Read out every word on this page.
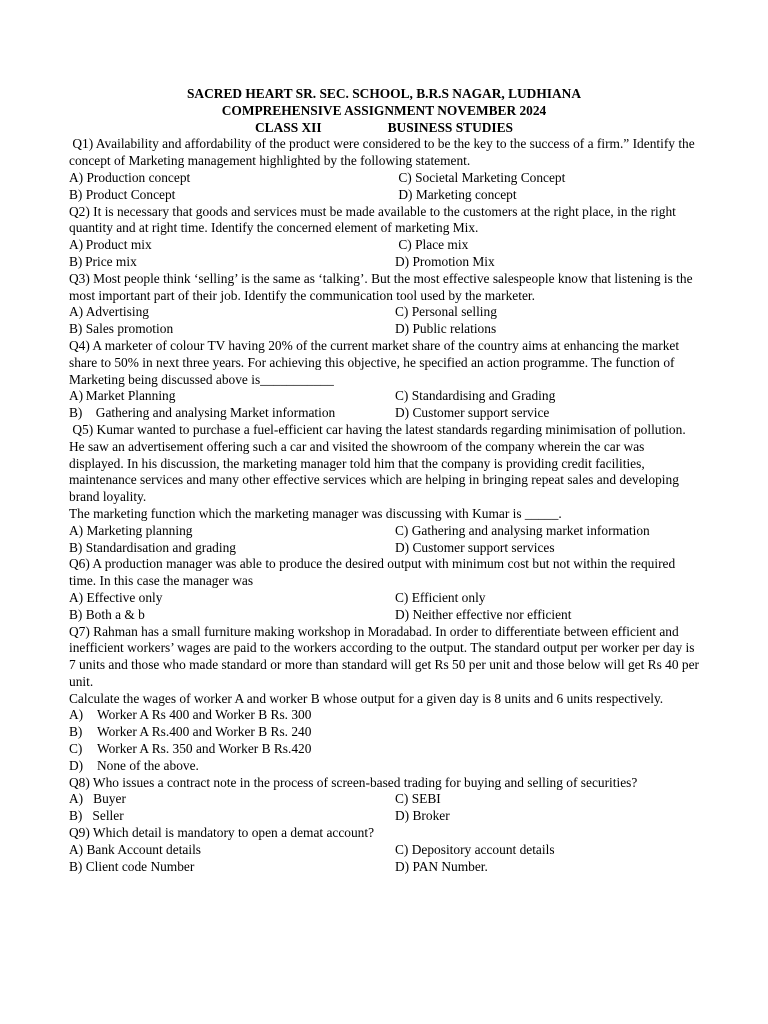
SACRED HEART SR. SEC. SCHOOL, B.R.S NAGAR, LUDHIANA
COMPREHENSIVE ASSIGNMENT NOVEMBER 2024
CLASS XII	BUSINESS STUDIES
Q1) Availability and affordability of the product were considered to be the key to the success of a firm.” Identify the concept of Marketing management highlighted by the following statement.
A) Production concept	C) Societal Marketing Concept
B) Product Concept	D) Marketing concept
Q2) It is necessary that goods and services must be made available to the customers at the right place, in the right quantity and at right time. Identify the concerned element of marketing Mix.
A) Product mix	C) Place mix
B) Price mix	D) Promotion Mix
Q3) Most people think ‘selling’ is the same as ‘talking’. But the most effective salespeople know that listening is the most important part of their job. Identify the communication tool used by the marketer.
A) Advertising	C) Personal selling
B) Sales promotion	D) Public relations
Q4) A marketer of colour TV having 20% of the current market share of the country aims at enhancing the market share to 50% in next three years. For achieving this objective, he specified an action programme. The function of Marketing being discussed above is___________
A) Market Planning	C) Standardising and Grading
B)    Gathering and analysing Market information	D) Customer support service
Q5) Kumar wanted to purchase a fuel-efficient car having the latest standards regarding minimisation of pollution. He saw an advertisement offering such a car and visited the showroom of the company wherein the car was displayed. In his discussion, the marketing manager told him that the company is providing credit facilities, maintenance services and many other effective services which are helping in bringing repeat sales and developing brand loyality.
The marketing function which the marketing manager was discussing with Kumar is _____.
A) Marketing planning	C) Gathering and analysing market information
B) Standardisation and grading	D) Customer support services
Q6) A production manager was able to produce the desired output with minimum cost but not within the required time. In this case the manager was
A) Effective only	C) Efficient only
B) Both a & b	D) Neither effective nor efficient
Q7) Rahman has a small furniture making workshop in Moradabad. In order to differentiate between efficient and inefficient workers’ wages are paid to the workers according to the output. The standard output per worker per day is 7 units and those who made standard or more than standard will get Rs 50 per unit and those below will get Rs 40 per unit.
Calculate the wages of worker A and worker B whose output for a given day is 8 units and 6 units respectively.
A) Worker A Rs 400 and Worker B Rs. 300
B) Worker A Rs.400 and Worker B Rs. 240
C) Worker A Rs. 350 and Worker B Rs.420
D) None of the above.
Q8) Who issues a contract note in the process of screen-based trading for buying and selling of securities?
A)   Buyer	C) SEBI
B)   Seller	D) Broker
Q9) Which detail is mandatory to open a demat account?
A) Bank Account details	C) Depository account details
B) Client code Number	D) PAN Number.
